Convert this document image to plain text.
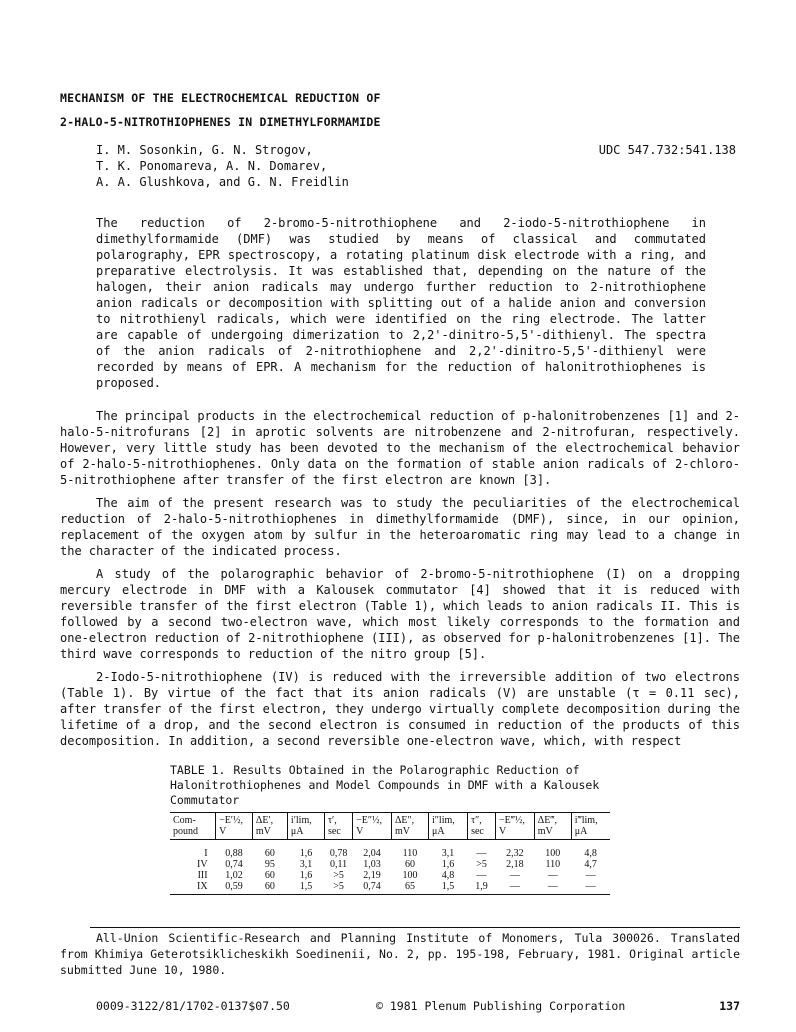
MECHANISM OF THE ELECTROCHEMICAL REDUCTION OF
2-HALO-5-NITROTHIOPHENES IN DIMETHYLFORMAMIDE
I. M. Sosonkin, G. N. Strogov,
T. K. Ponomareva, A. N. Domarev,
A. A. Glushkova, and G. N. Freidlin
UDC 547.732:541.138
The reduction of 2-bromo-5-nitrothiophene and 2-iodo-5-nitrothiophene in dimethylformamide (DMF) was studied by means of classical and commutated polarography, EPR spectroscopy, a rotating platinum disk electrode with a ring, and preparative electrolysis. It was established that, depending on the nature of the halogen, their anion radicals may undergo further reduction to 2-nitrothiophene anion radicals or decomposition with splitting out of a halide anion and conversion to nitrothienyl radicals, which were identified on the ring electrode. The latter are capable of undergoing dimerization to 2,2'-dinitro-5,5'-dithienyl. The spectra of the anion radicals of 2-nitrothiophene and 2,2'-dinitro-5,5'-dithienyl were recorded by means of EPR. A mechanism for the reduction of halonitrothiophenes is proposed.

The principal products in the electrochemical reduction of p-halonitrobenzenes [1] and 2-halo-5-nitrofurans [2] in aprotic solvents are nitrobenzene and 2-nitrofuran, respectively. However, very little study has been devoted to the mechanism of the electrochemical behavior of 2-halo-5-nitrothiophenes. Only data on the formation of stable anion radicals of 2-chloro-5-nitrothiophene after transfer of the first electron are known [3].

The aim of the present research was to study the peculiarities of the electrochemical reduction of 2-halo-5-nitrothiophenes in dimethylformamide (DMF), since, in our opinion, replacement of the oxygen atom by sulfur in the heteroaromatic ring may lead to a change in the character of the indicated process.

A study of the polarographic behavior of 2-bromo-5-nitrothiophene (I) on a dropping mercury electrode in DMF with a Kalousek commutator [4] showed that it is reduced with reversible transfer of the first electron (Table 1), which leads to anion radicals II. This is followed by a second two-electron wave, which most likely corresponds to the formation and one-electron reduction of 2-nitrothiophene (III), as observed for p-halonitrobenzenes [1]. The third wave corresponds to reduction of the nitro group [5].

2-Iodo-5-nitrothiophene (IV) is reduced with the irreversible addition of two electrons (Table 1). By virtue of the fact that its anion radicals (V) are unstable (τ = 0.11 sec), after transfer of the first electron, they undergo virtually complete decomposition during the lifetime of a drop, and the second electron is consumed in reduction of the products of this decomposition. In addition, a second reversible one-electron wave, which, with respect

TABLE 1. Results Obtained in the Polarographic Reduction of Halonitrothiophenes and Model Compounds in DMF with a Kalousek Commutator
Com-pound	−E′½, V	ΔE′, mV	i′lim, μA	τ′, sec	−E″½, V	ΔE″, mV	i″lim, μA	τ″, sec	−E‴½, V	ΔE‴, mV	i‴lim, μA
I	0,88	60	1,6	0,78	2,04	110	3,1	—	2,32	100	4,8
IV	0,74	95	3,1	0,11	1,03	60	1,6	>5	2,18	110	4,7
III	1,02	60	1,6	>5	2,19	100	4,8	—	—	—	—
IX	0,59	60	1,5	>5	0,74	65	1,5	1,9	—	—	—

All-Union Scientific-Research and Planning Institute of Monomers, Tula 300026. Translated from Khimiya Geterotsiklicheskikh Soedinenii, No. 2, pp. 195-198, February, 1981. Original article submitted June 10, 1980.

0009-3122/81/1702-0137$07.50	© 1981 Plenum Publishing Corporation	137
